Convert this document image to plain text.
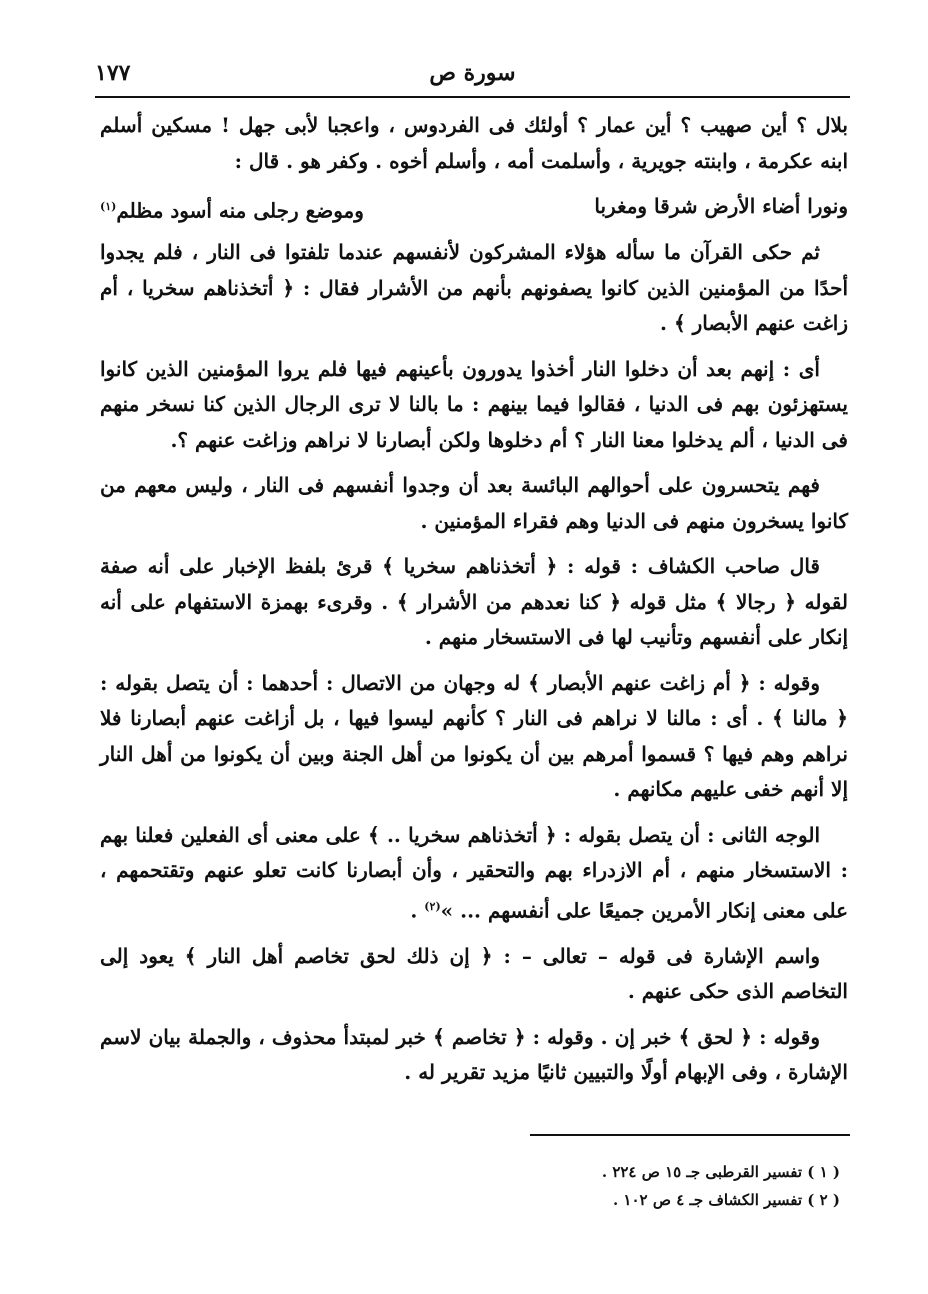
سورة ص
١٧٧

بلال ؟ أين صهيب ؟ أين عمار ؟ أولئك فى الفردوس ، واعجبا لأبى جهل ! مسكين أسلم ابنه عكرمة ، وابنته جويرية ، وأسلمت أمه ، وأسلم أخوه . وكفر هو . قال :

ونورا أضاء الأرض شرقا ومغربا
وموضع رجلى منه أسود مظلم$^{(١)}$

ثم حكى القرآن ما سأله هؤلاء المشركون لأنفسهم عندما تلفتوا فى النار ، فلم يجدوا أحدًا من المؤمنين الذين كانوا يصفونهم بأنهم من الأشرار فقال : ﴿ أتخذناهم سخريا ، أم زاغت عنهم الأبصار ﴾ .

أى : إنهم بعد أن دخلوا النار أخذوا يدورون بأعينهم فيها فلم يروا المؤمنين الذين كانوا يستهزئون بهم فى الدنيا ، فقالوا فيما بينهم : ما بالنا لا ترى الرجال الذين كنا نسخر منهم فى الدنيا ، ألم يدخلوا معنا النار ؟ أم دخلوها ولكن أبصارنا لا نراهم وزاغت عنهم ؟.

فهم يتحسرون على أحوالهم البائسة بعد أن وجدوا أنفسهم فى النار ، وليس معهم من كانوا يسخرون منهم فى الدنيا وهم فقراء المؤمنين .

قال صاحب الكشاف : قوله : ﴿ أتخذناهم سخريا ﴾ قرئ بلفظ الإخبار على أنه صفة لقوله ﴿ رجالا ﴾ مثل قوله ﴿ كنا نعدهم من الأشرار ﴾ . وقرىء بهمزة الاستفهام على أنه إنكار على أنفسهم وتأنيب لها فى الاستسخار منهم .

وقوله : ﴿ أم زاغت عنهم الأبصار ﴾ له وجهان من الاتصال : أحدهما : أن يتصل بقوله : ﴿ مالنا ﴾ . أى : مالنا لا نراهم فى النار ؟ كأنهم ليسوا فيها ، بل أزاغت عنهم أبصارنا فلا نراهم وهم فيها ؟ قسموا أمرهم بين أن يكونوا من أهل الجنة وبين أن يكونوا من أهل النار إلا أنهم خفى عليهم مكانهم .

الوجه الثانى : أن يتصل بقوله : ﴿ أتخذناهم سخريا .. ﴾ على معنى أى الفعلين فعلنا بهم : الاستسخار منهم ، أم الازدراء بهم والتحقير ، وأن أبصارنا كانت تعلو عنهم وتقتحمهم ، على معنى إنكار الأمرين جميعًا على أنفسهم ... »$^{(٢)}$ .

واسم الإشارة فى قوله – تعالى – : ﴿ إن ذلك لحق تخاصم أهل النار ﴾ يعود إلى التخاصم الذى حكى عنهم .

وقوله : ﴿ لحق ﴾ خبر إن . وقوله : ﴿ تخاصم ﴾ خبر لمبتدأ محذوف ، والجملة بيان لاسم الإشارة ، وفى الإبهام أولًا والتبيين ثانيًا مزيد تقرير له .

( ١ ) تفسير القرطبى جـ ١٥ ص ٢٢٤ .
( ٢ ) تفسير الكشاف جـ ٤ ص ١٠٢ .
